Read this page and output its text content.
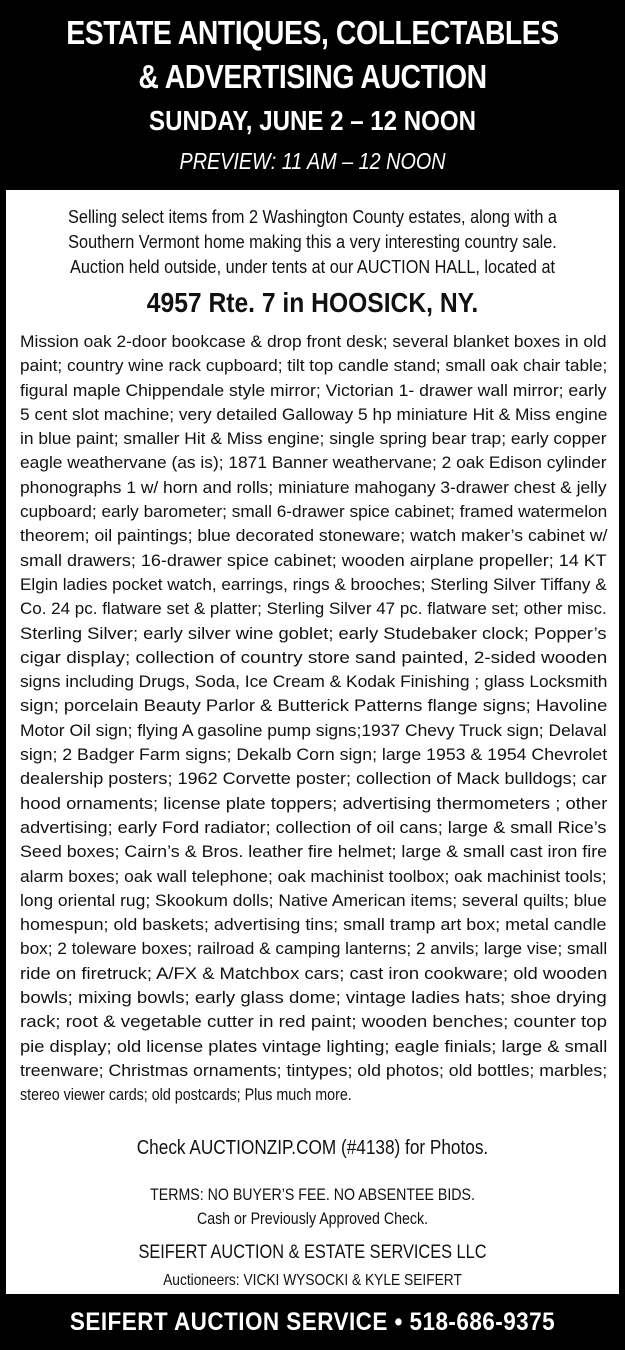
ESTATE ANTIQUES, COLLECTABLES
& ADVERTISING AUCTION
SUNDAY, JUNE 2 – 12 NOON
PREVIEW: 11 AM – 12 NOON
Selling select items from 2 Washington County estates, along with a
Southern Vermont home making this a very interesting country sale.
Auction held outside, under tents at our AUCTION HALL, located at
4957 Rte. 7 in HOOSICK, NY.
Mission oak 2-door bookcase & drop front desk; several blanket boxes in old
paint; country wine rack cupboard; tilt top candle stand; small oak chair table;
figural maple Chippendale style mirror; Victorian 1- drawer wall mirror; early
5 cent slot machine; very detailed Galloway 5 hp miniature Hit & Miss engine
in blue paint; smaller Hit & Miss engine; single spring bear trap; early copper
eagle weathervane (as is); 1871 Banner weathervane; 2 oak Edison cylinder
phonographs 1 w/ horn and rolls; miniature mahogany 3-drawer chest & jelly
cupboard; early barometer; small 6-drawer spice cabinet; framed watermelon
theorem; oil paintings; blue decorated stoneware; watch maker’s cabinet w/
small drawers; 16-drawer spice cabinet; wooden airplane propeller; 14 KT
Elgin ladies pocket watch, earrings, rings & brooches; Sterling Silver Tiffany &
Co. 24 pc. flatware set & platter; Sterling Silver 47 pc. flatware set; other misc.
Sterling Silver; early silver wine goblet; early Studebaker clock; Popper’s
cigar display; collection of country store sand painted, 2-sided wooden
signs including Drugs, Soda, Ice Cream & Kodak Finishing ; glass Locksmith
sign; porcelain Beauty Parlor & Butterick Patterns flange signs; Havoline
Motor Oil sign; flying A gasoline pump signs;1937 Chevy Truck sign; Delaval
sign; 2 Badger Farm signs; Dekalb Corn sign; large 1953 & 1954 Chevrolet
dealership posters; 1962 Corvette poster; collection of Mack bulldogs; car
hood ornaments; license plate toppers; advertising thermometers ; other
advertising; early Ford radiator; collection of oil cans; large & small Rice’s
Seed boxes; Cairn’s & Bros. leather fire helmet; large & small cast iron fire
alarm boxes; oak wall telephone; oak machinist toolbox; oak machinist tools;
long oriental rug; Skookum dolls; Native American items; several quilts; blue
homespun; old baskets; advertising tins; small tramp art box; metal candle
box; 2 toleware boxes; railroad & camping lanterns; 2 anvils; large vise; small
ride on firetruck; A/FX & Matchbox cars; cast iron cookware; old wooden
bowls; mixing bowls; early glass dome; vintage ladies hats; shoe drying
rack; root & vegetable cutter in red paint; wooden benches; counter top
pie display; old license plates vintage lighting; eagle finials; large & small
treenware; Christmas ornaments; tintypes; old photos; old bottles; marbles;
stereo viewer cards; old postcards; Plus much more.
Check AUCTIONZIP.COM (#4138) for Photos.
TERMS: NO BUYER’S FEE. NO ABSENTEE BIDS.
Cash or Previously Approved Check.
SEIFERT AUCTION & ESTATE SERVICES LLC
Auctioneers: VICKI WYSOCKI & KYLE SEIFERT
SEIFERT AUCTION SERVICE • 518-686-9375
